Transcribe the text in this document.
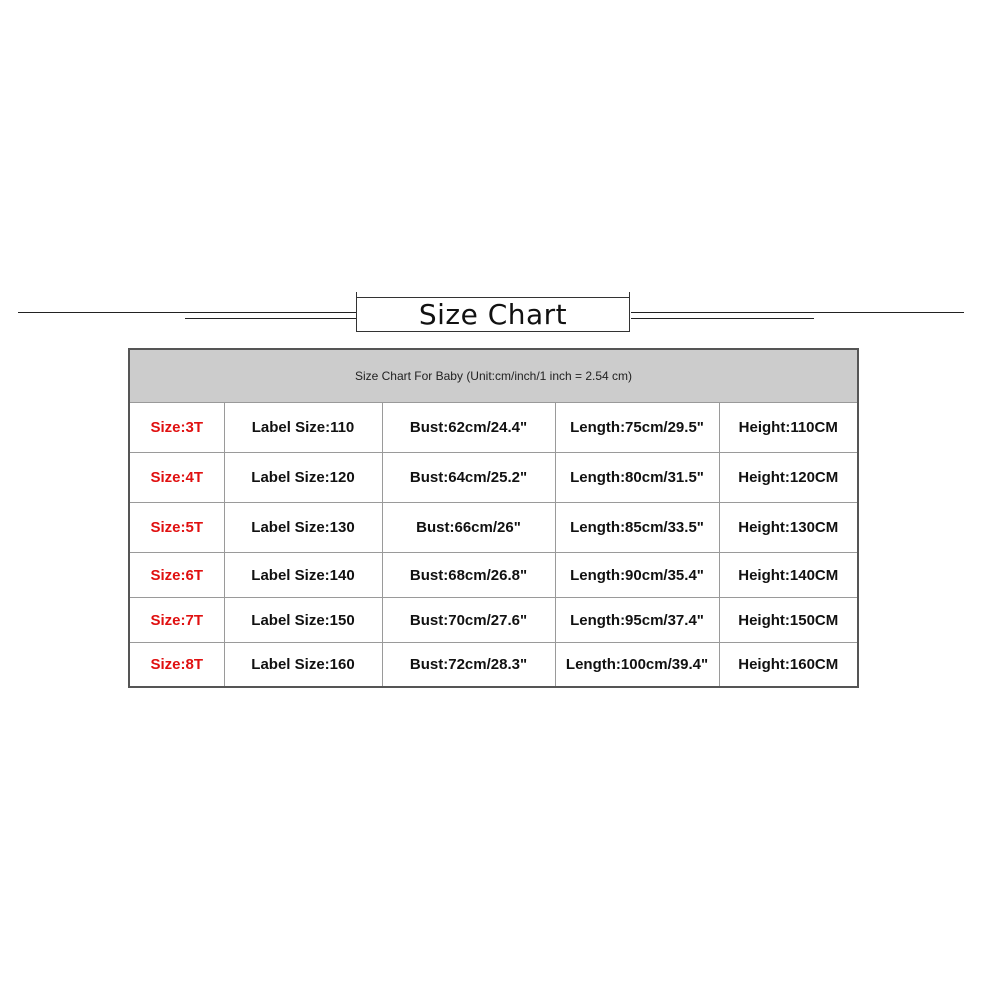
Size Chart
Size Chart For Baby (Unit:cm/inch/1 inch = 2.54 cm)				
Size:3T	Label Size:110	Bust:62cm/24.4"	Length:75cm/29.5"	Height:110CM
Size:4T	Label Size:120	Bust:64cm/25.2"	Length:80cm/31.5"	Height:120CM
Size:5T	Label Size:130	Bust:66cm/26"	Length:85cm/33.5"	Height:130CM
Size:6T	Label Size:140	Bust:68cm/26.8"	Length:90cm/35.4"	Height:140CM
Size:7T	Label Size:150	Bust:70cm/27.6"	Length:95cm/37.4"	Height:150CM
Size:8T	Label Size:160	Bust:72cm/28.3"	Length:100cm/39.4"	Height:160CM
